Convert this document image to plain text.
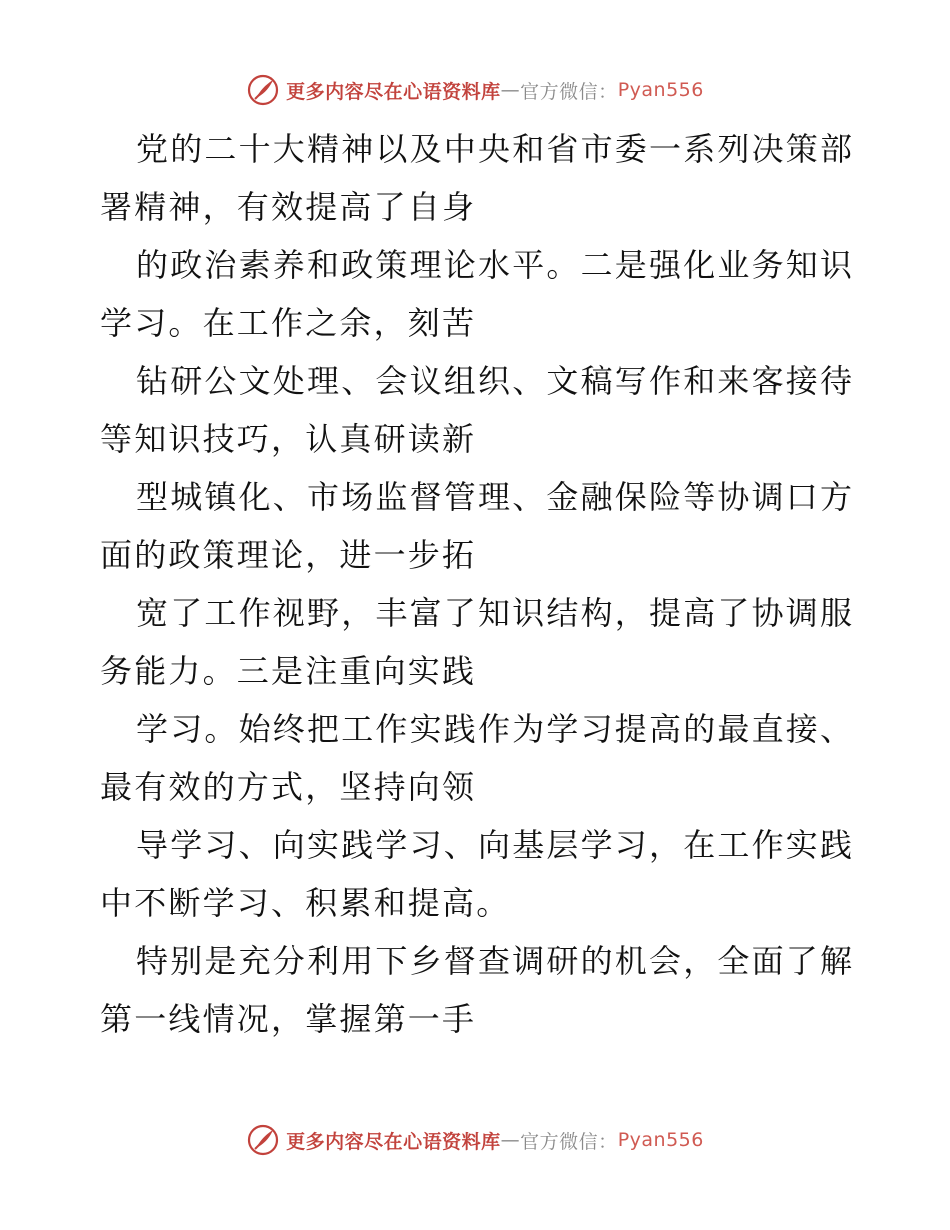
更多内容尽在心语资料库 — 官方微信： Pyan556
党的二十大精神以及中央和省市委一系列决策部
署精神，有效提高了自身
的政治素养和政策理论水平。二是强化业务知识
学习。在工作之余，刻苦
钻研公文处理、会议组织、文稿写作和来客接待
等知识技巧，认真研读新
型城镇化、市场监督管理、金融保险等协调口方
面的政策理论，进一步拓
宽了工作视野，丰富了知识结构，提高了协调服
务能力。三是注重向实践
学习。始终把工作实践作为学习提高的最直接、
最有效的方式，坚持向领
导学习、向实践学习、向基层学习，在工作实践
中不断学习、积累和提高。
特别是充分利用下乡督查调研的机会，全面了解
第一线情况，掌握第一手
更多内容尽在心语资料库 — 官方微信： Pyan556
